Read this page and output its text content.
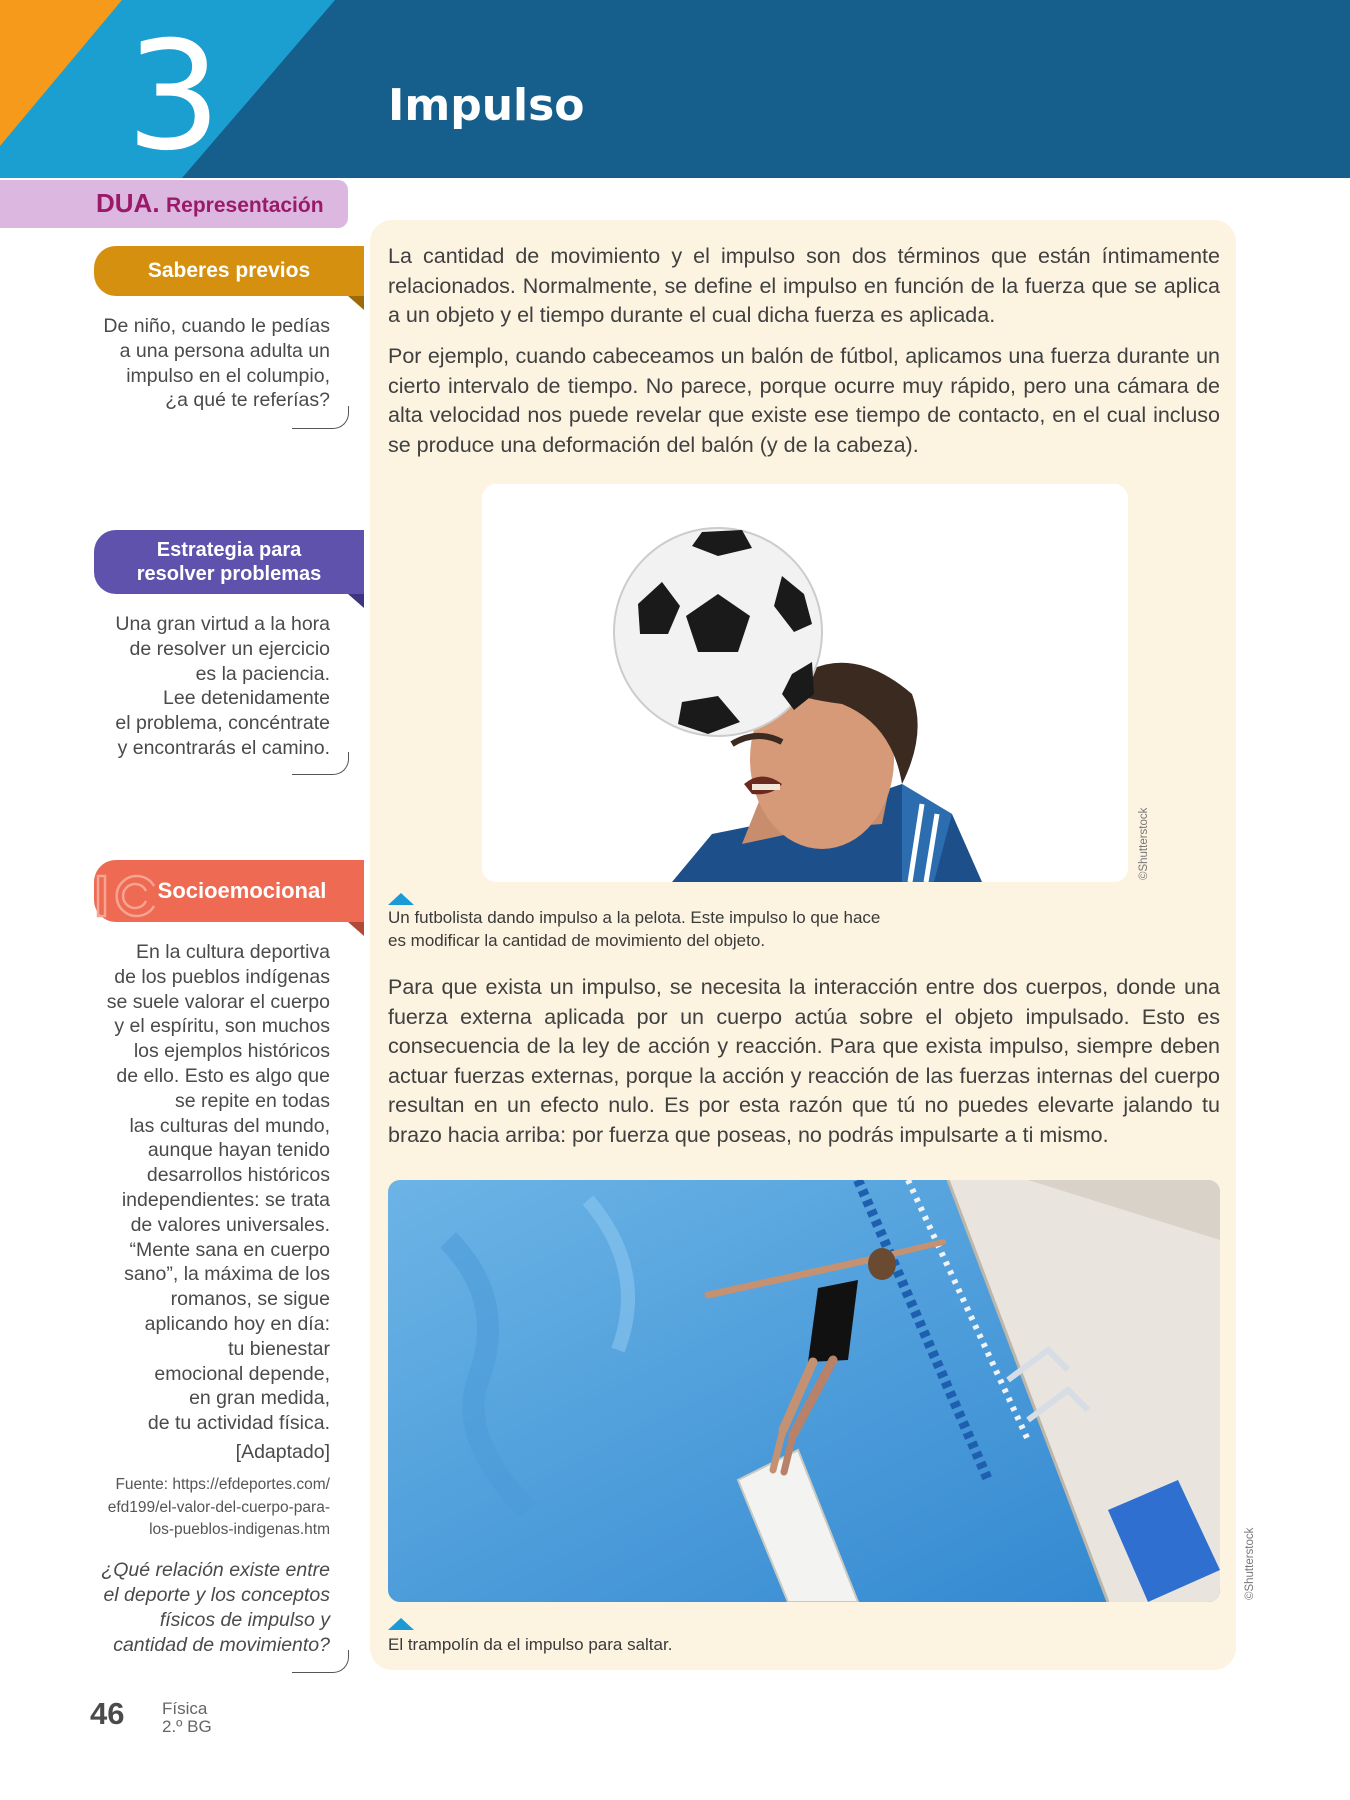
3	Impulso
DUA. Representación
Saberes previos
De niño, cuando le pedías
a una persona adulta un
impulso en el columpio,
¿a qué te referías?
Estrategia para
resolver problemas
Una gran virtud a la hora
de resolver un ejercicio
es la paciencia.
Lee detenidamente
el problema, concéntrate
y encontrarás el camino.
Socioemocional
En la cultura deportiva
de los pueblos indígenas
se suele valorar el cuerpo
y el espíritu, son muchos
los ejemplos históricos
de ello. Esto es algo que
se repite en todas
las culturas del mundo,
aunque hayan tenido
desarrollos históricos
independientes: se trata
de valores universales.
“Mente sana en cuerpo
sano”, la máxima de los
romanos, se sigue
aplicando hoy en día:
tu bienestar
emocional depende,
en gran medida,
de tu actividad física.
[Adaptado]
Fuente: https://efdeportes.com/
efd199/el-valor-del-cuerpo-para-
los-pueblos-indigenas.htm
¿Qué relación existe entre
el deporte y los conceptos
físicos de impulso y
cantidad de movimiento?

La cantidad de movimiento y el impulso son dos términos que están íntimamente relacionados. Normalmente, se define el impulso en función de la fuerza que se aplica a un objeto y el tiempo durante el cual dicha fuerza es aplicada.

Por ejemplo, cuando cabeceamos un balón de fútbol, aplicamos una fuerza durante un cierto intervalo de tiempo. No parece, porque ocurre muy rápido, pero una cámara de alta velocidad nos puede revelar que existe ese tiempo de contacto, en el cual incluso se produce una deformación del balón (y de la cabeza).

©Shutterstock
Un futbolista dando impulso a la pelota. Este impulso lo que hace
es modificar la cantidad de movimiento del objeto.

Para que exista un impulso, se necesita la interacción entre dos cuerpos, donde una fuerza externa aplicada por un cuerpo actúa sobre el objeto impulsado. Esto es consecuencia de la ley de acción y reacción. Para que exista impulso, siempre deben actuar fuerzas externas, porque la acción y reacción de las fuerzas internas del cuerpo resultan en un efecto nulo. Es por esta razón que tú no puedes elevarte jalando tu brazo hacia arriba: por fuerza que poseas, no podrás impulsarte a ti mismo.

©Shutterstock
El trampolín da el impulso para saltar.
46 Física
2.º BG
